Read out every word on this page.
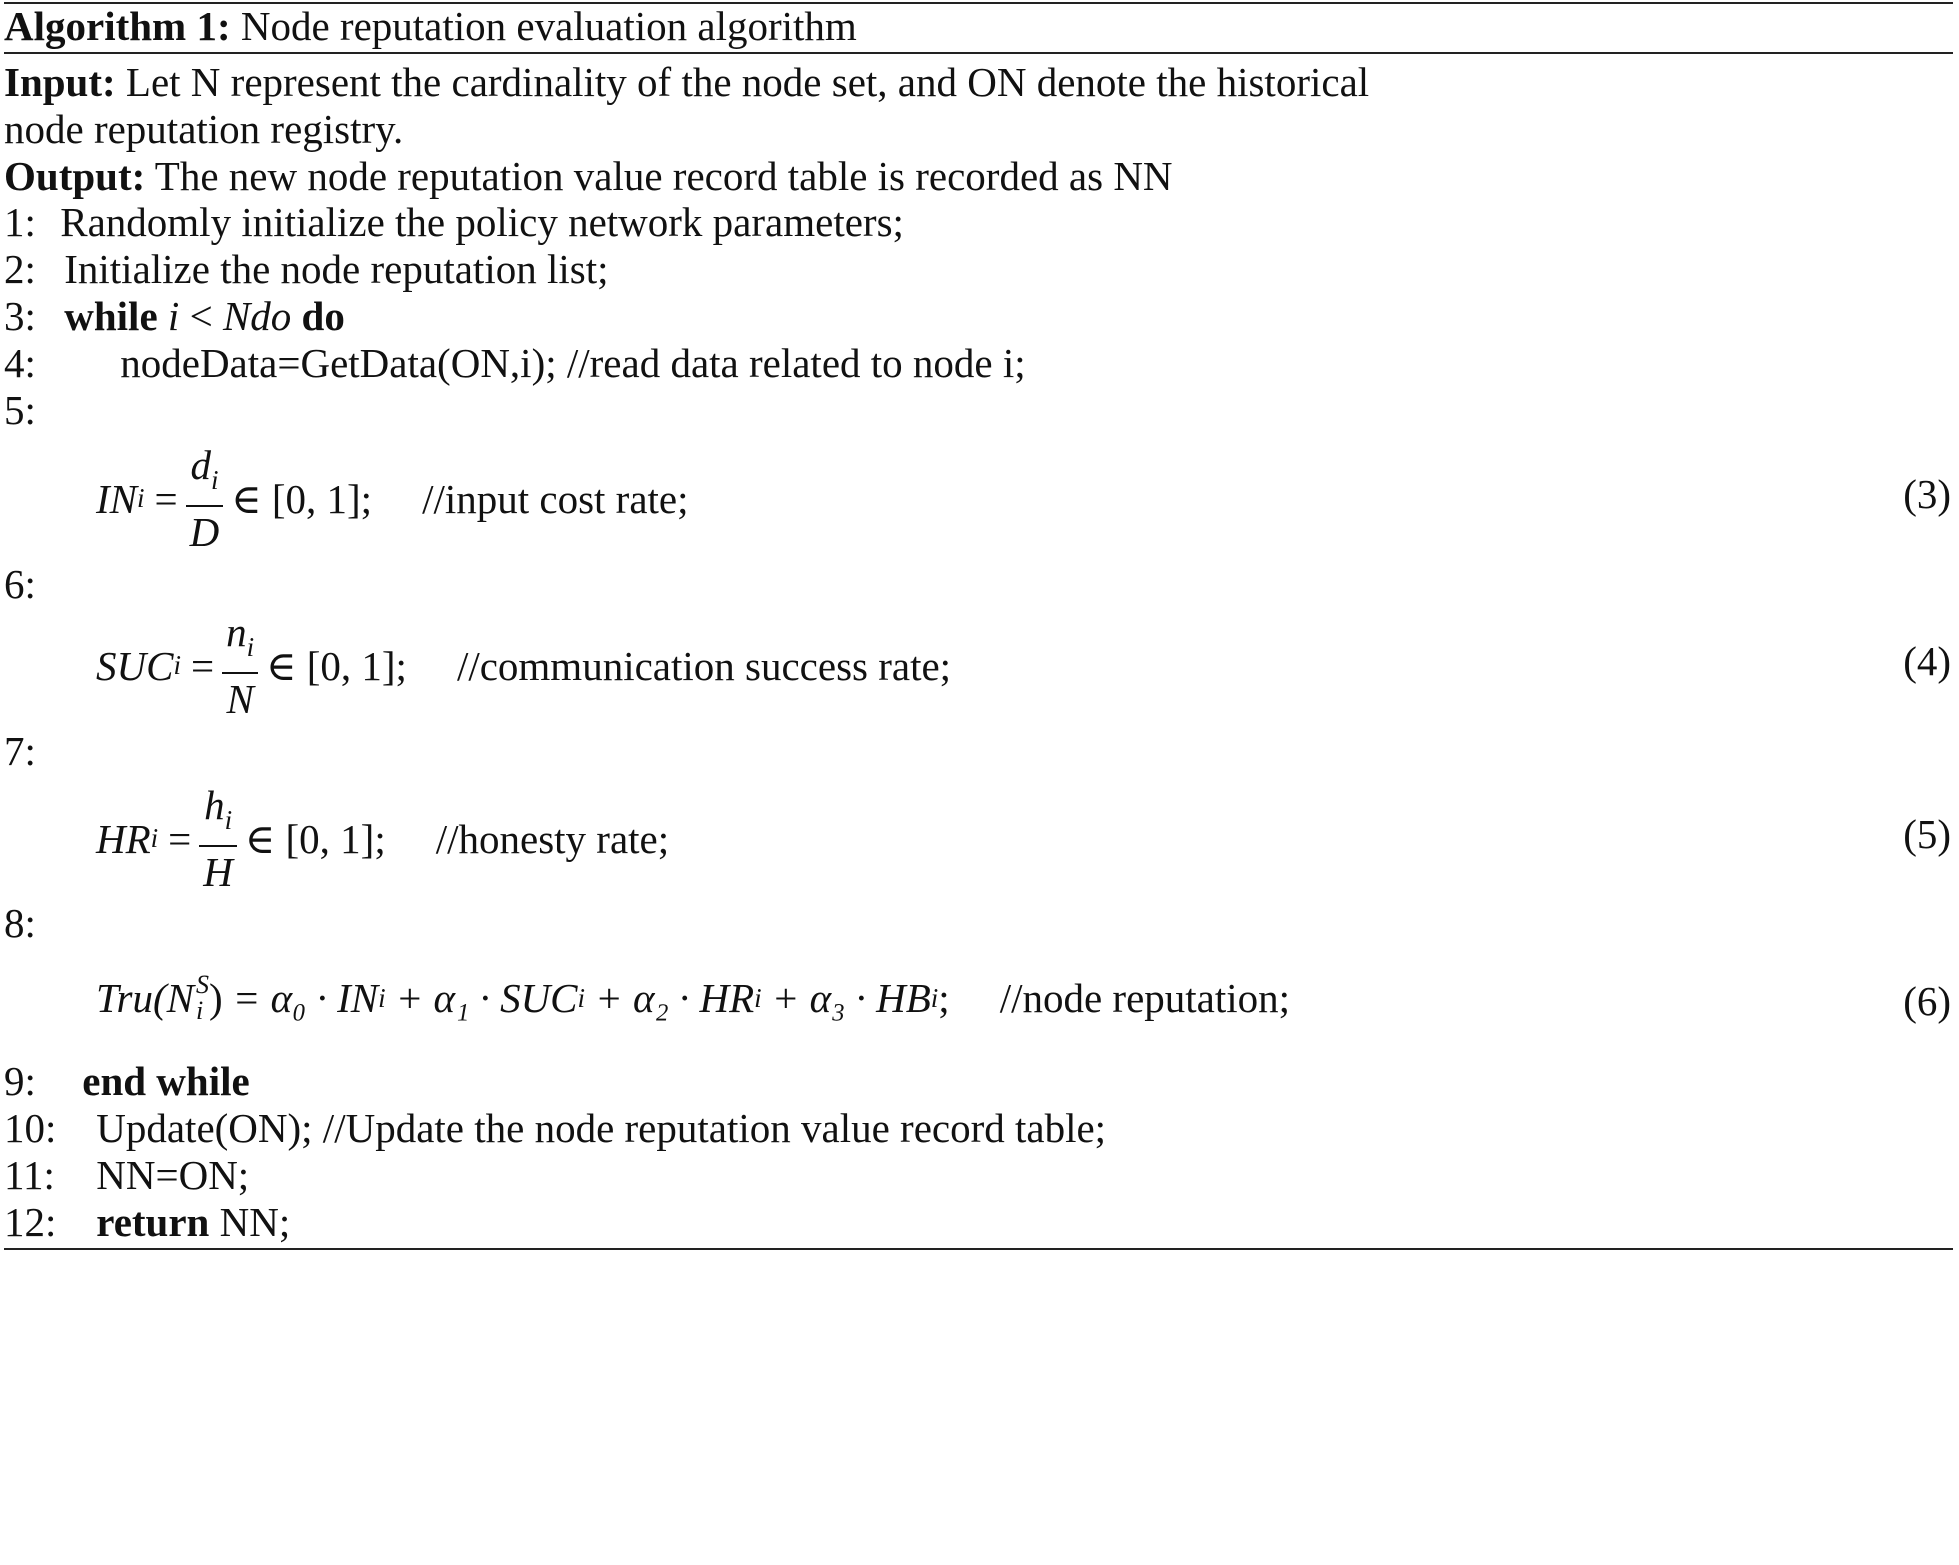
Algorithm 1: Node reputation evaluation algorithm
Input: Let N represent the cardinality of the node set, and ON denote the historical
node reputation registry.
Output: The new node reputation value record table is recorded as NN
1: Randomly initialize the policy network parameters;
2: Initialize the node reputation list;
3: while i < Ndo do
4: nodeData=GetData(ON,i); //read data related to node i;
5:
IN $i = \frac{d_i}{D}$ ∈ [0, 1]; //input cost rate;	(3)
6:
SUC $i = \frac{n_i}{N}$ ∈ [0, 1]; //communication success rate;	(4)
7:
HR $i = \frac{h_i}{H}$ ∈ [0, 1]; //honesty rate;	(5)
8:
Tru(N S
i ) = α₀ · IN i + α₁ · SUC i + α₂ · HR i + α₃ · HB i ; //node reputation;	(6)
9: end while
10: Update(ON); //Update the node reputation value record table;
11: NN=ON;
12: return NN;
